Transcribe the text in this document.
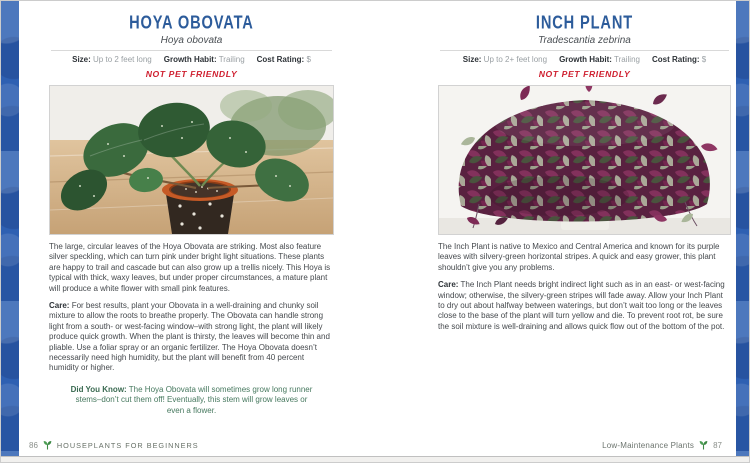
HOYA OBOVATA
Hoya obovata
Size: Up to 2 feet long Growth Habit: Trailing Cost Rating: $
NOT PET FRIENDLY

The large, circular leaves of the Hoya Obovata are striking. Most also feature silver speckling, which can turn pink under bright light situations. These plants are happy to trail and cascade but can also grow up a trellis nicely. This Hoya is typical with thick, waxy leaves, but under proper circumstances, a mature plant will produce a white flower with small pink features.

Care: For best results, plant your Obovata in a well-draining and chunky soil mixture to allow the roots to breathe properly. The Obovata can handle strong light from a south- or west-facing window–with strong light, the plant will likely produce quick growth. When the plant is thirsty, the leaves will become thin and pliable. Use a foliar spray or an organic fertilizer. The Hoya Obovata doesn’t necessarily need high humidity, but the plant will benefit from 40 percent humidity or higher.

Did You Know: The Hoya Obovata will sometimes grow long runner stems–don’t cut them off! Eventually, this stem will grow leaves or even a flower.

INCH PLANT
Tradescantia zebrina
Size: Up to 2+ feet long Growth Habit: Trailing Cost Rating: $
NOT PET FRIENDLY

The Inch Plant is native to Mexico and Central America and known for its purple leaves with silvery-green horizontal stripes. A quick and easy grower, this plant shouldn’t give you any problems.

Care: The Inch Plant needs bright indirect light such as in an east- or west-facing window; otherwise, the silvery-green stripes will fade away. Allow your Inch Plant to dry out about halfway between waterings, but don’t wait too long or the leaves close to the base of the plant will turn yellow and die. To prevent root rot, be sure the soil mixture is well-draining and allows quick flow out of the bottom of the pot.

86	HOUSEPLANTS FOR BEGINNERS	Low-Maintenance Plants 87
